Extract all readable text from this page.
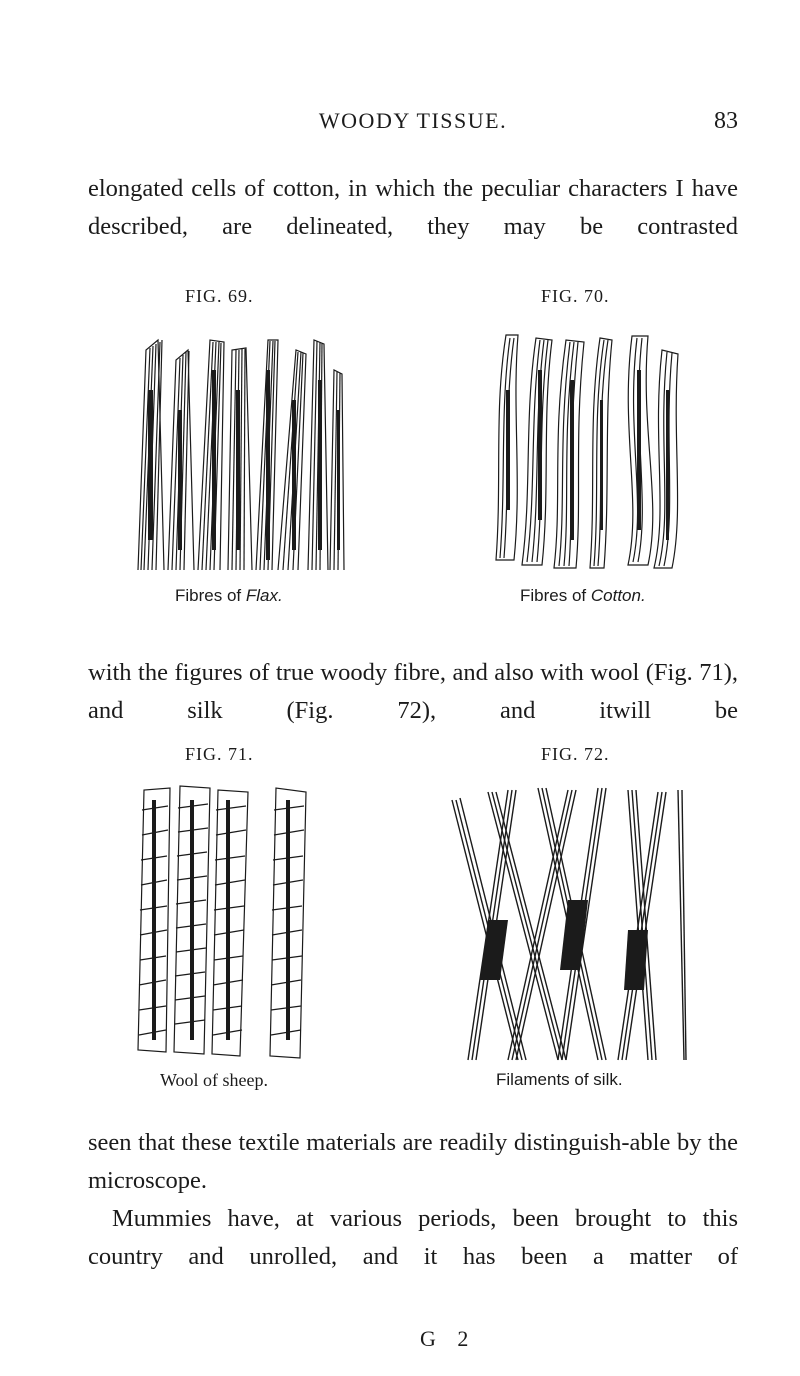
WOODY TISSUE.	83

elongated cells of cotton, in which the peculiar characters I have described, are delineated, they may be contrasted

FIG. 69.
Fibres of Flax.
FIG. 70.
Fibres of Cotton.

with the figures of true woody fibre, and also with wool (Fig. 71), and silk (Fig. 72), and itwill be

FIG. 71.
Wool of sheep.
FIG. 72.
Filaments of silk.

seen that these textile materials are readily distinguish-able by the microscope.

Mummies have, at various periods, been brought to this country and unrolled, and it has been a matter of

G 2
